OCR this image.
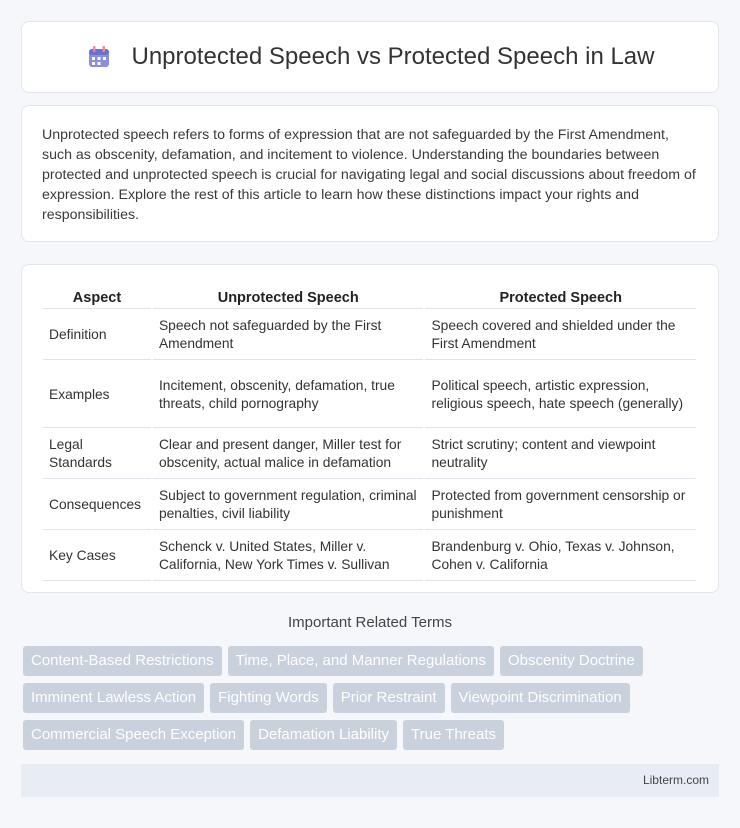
Unprotected Speech vs Protected Speech in Law

Unprotected speech refers to forms of expression that are not safeguarded by the First Amendment, such as obscenity, defamation, and incitement to violence. Understanding the boundaries between protected and unprotected speech is crucial for navigating legal and social discussions about freedom of expression. Explore the rest of this article to learn how these distinctions impact your rights and responsibilities.

Aspect	Unprotected Speech	Protected Speech
Definition	Speech not safeguarded by the First Amendment	Speech covered and shielded under the First Amendment
Examples	Incitement, obscenity, defamation, true threats, child pornography	Political speech, artistic expression, religious speech, hate speech (generally)
Legal Standards	Clear and present danger, Miller test for obscenity, actual malice in defamation	Strict scrutiny; content and viewpoint neutrality
Consequences	Subject to government regulation, criminal penalties, civil liability	Protected from government censorship or punishment
Key Cases	Schenck v. United States, Miller v. California, New York Times v. Sullivan	Brandenburg v. Ohio, Texas v. Johnson, Cohen v. California
Important Related Terms
Content-Based Restrictions	Time, Place, and Manner Regulations	Obscenity Doctrine
Imminent Lawless Action	Fighting Words	Prior Restraint	Viewpoint Discrimination
Commercial Speech Exception	Defamation Liability	True Threats
Libterm.com
